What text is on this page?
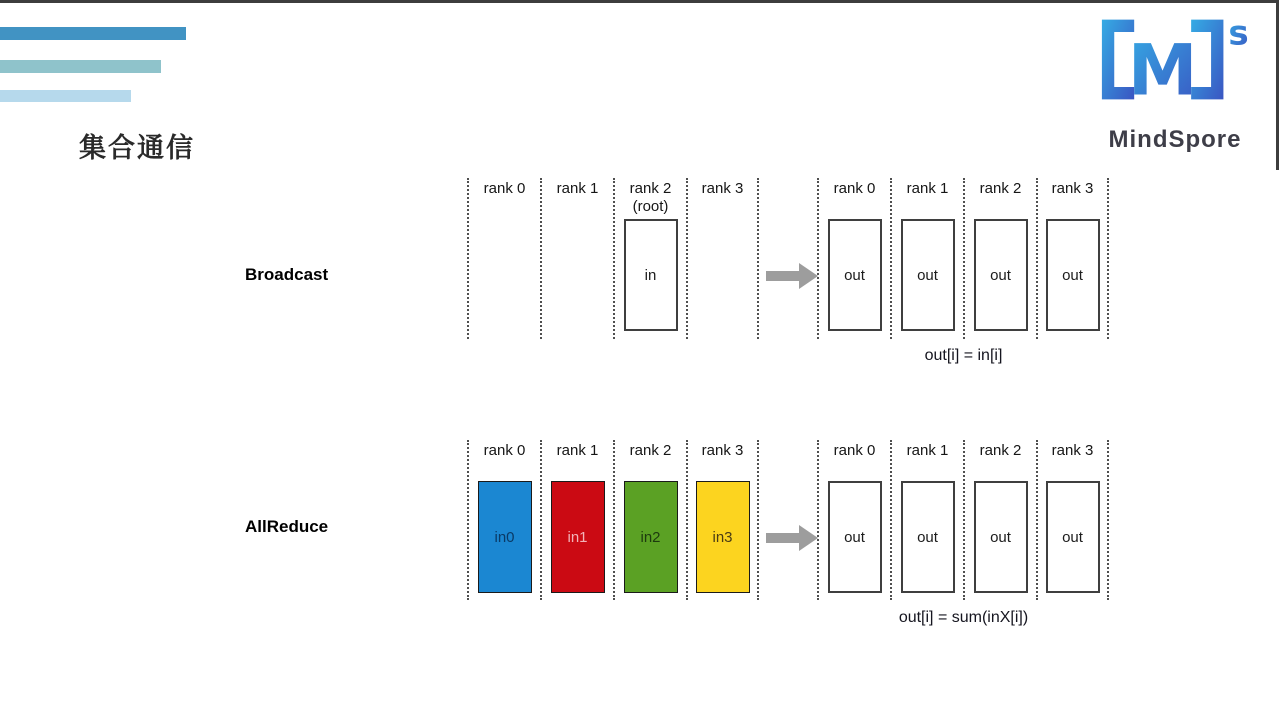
集合通信
M s
MindSpore
Broadcast
AllReduce
rank 0	rank 1	rank 2
(root)
in
rank 3	rank 0
out
rank 1
out
rank 2
out
rank 3
out
out[i] = in[i]
rank 0
in0
rank 1
in1
rank 2
in2
rank 3
in3
rank 0
out
rank 1
out
rank 2
out
rank 3
out
out[i] = sum(inX[i])
